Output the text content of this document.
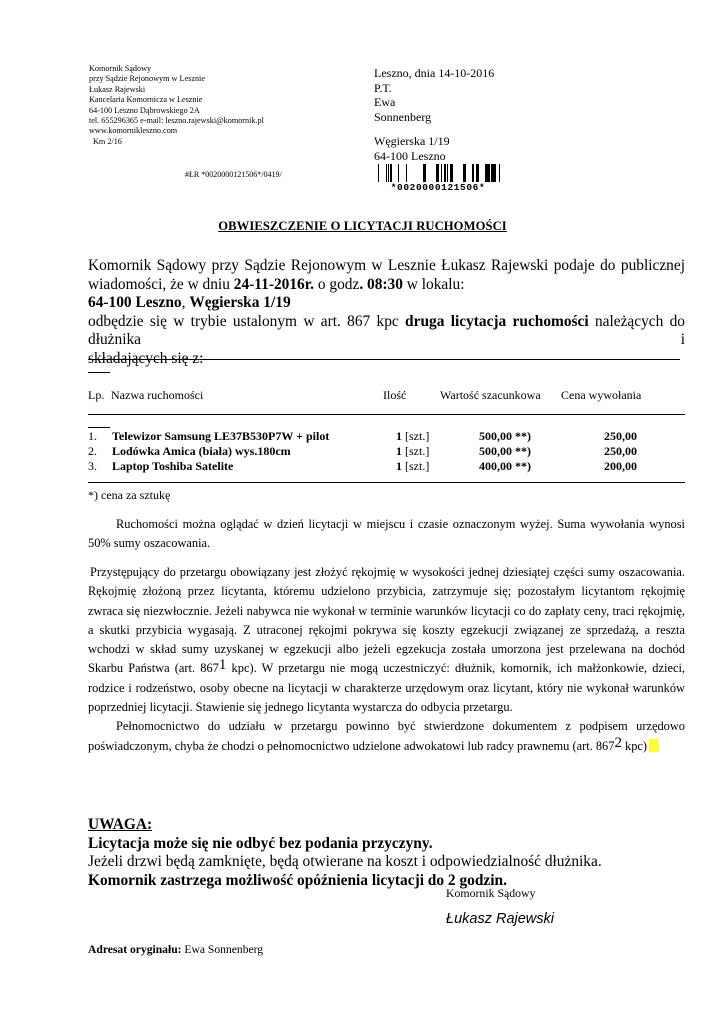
Komornik Sądowy
przy Sądzie Rejonowym w Lesznie
Łukasz Rajewski
Kancelaria Komornicza w Lesznie
64-100 Leszno Dąbrowskiego 2A
tel. 655296365 e-mail: leszno.rajewski@komornik.pl
www.komornikleszno.com
Km 2/16
#ŁR *0020000121506*/0419/
Leszno, dnia 14-10-2016
P.T.
Ewa
Sonnenberg
Węgierska 1/19
64-100 Leszno
*0020000121506*
OBWIESZCZENIE O LICYTACJI RUCHOMOŚCI
Komornik Sądowy przy Sądzie Rejonowym w Lesznie Łukasz Rajewski podaje do publicznej
wiadomości, że w dniu 24-11-2016r. o godz. 08:30 w lokalu:
64-100 Leszno, Węgierska 1/19
odbędzie się w trybie ustalonym w art. 867 kpc druga licytacja ruchomości należących do dłużnika i
składających się z:
Lp. Nazwa ruchomości	Ilość	Wartość szacunkowa Cena wywołania
1. Telewizor Samsung LE37B530P7W + pilot	1 [szt.]	500,00 **)	250,00
2. Lodówka Amica (biała) wys.180cm	1 [szt.]	500,00 **)	250,00
3. Laptop Toshiba Satelite	1 [szt.]	400,00 **)	200,00
*) cena za sztukę

Ruchomości można oglądać w dzień licytacji w miejscu i czasie oznaczonym wyżej. Suma wywołania wynosi 50% sumy oszacowania.

Przystępujący do przetargu obowiązany jest złożyć rękojmię w wysokości jednej dziesiątej części sumy oszacowania. Rękojmię złożoną przez licytanta, któremu udzielono przybicia, zatrzymuje się; pozostałym licytantom rękojmię zwraca się niezwłocznie. Jeżeli nabywca nie wykonał w terminie warunków licytacji co do zapłaty ceny, traci rękojmię, a skutki przybicia wygasają. Z utraconej rękojmi pokrywa się koszty egzekucji związanej ze sprzedażą, a reszta wchodzi w skład sumy uzyskanej w egzekucji albo jeżeli egzekucja została umorzona jest przelewana na dochód Skarbu Państwa (art. 8671 kpc). W przetargu nie mogą uczestniczyć: dłużnik, komornik, ich małżonkowie, dzieci, rodzice i rodzeństwo, osoby obecne na licytacji w charakterze urzędowym oraz licytant, który nie wykonał warunków poprzedniej licytacji. Stawienie się jednego licytanta wystarcza do odbycia przetargu.

Pełnomocnictwo do udziału w przetargu powinno być stwierdzone dokumentem z podpisem urzędowo poświadczonym, chyba że chodzi o pełnomocnictwo udzielone adwokatowi lub radcy prawnemu (art. 8672 kpc)

UWAGA:
Licytacja może się nie odbyć bez podania przyczyny.
Jeżeli drzwi będą zamknięte, będą otwierane na koszt i odpowiedzialność dłużnika.
Komornik zastrzega możliwość opóźnienia licytacji do 2 godzin.
Komornik Sądowy
Łukasz Rajewski
Adresat oryginału: Ewa Sonnenberg
